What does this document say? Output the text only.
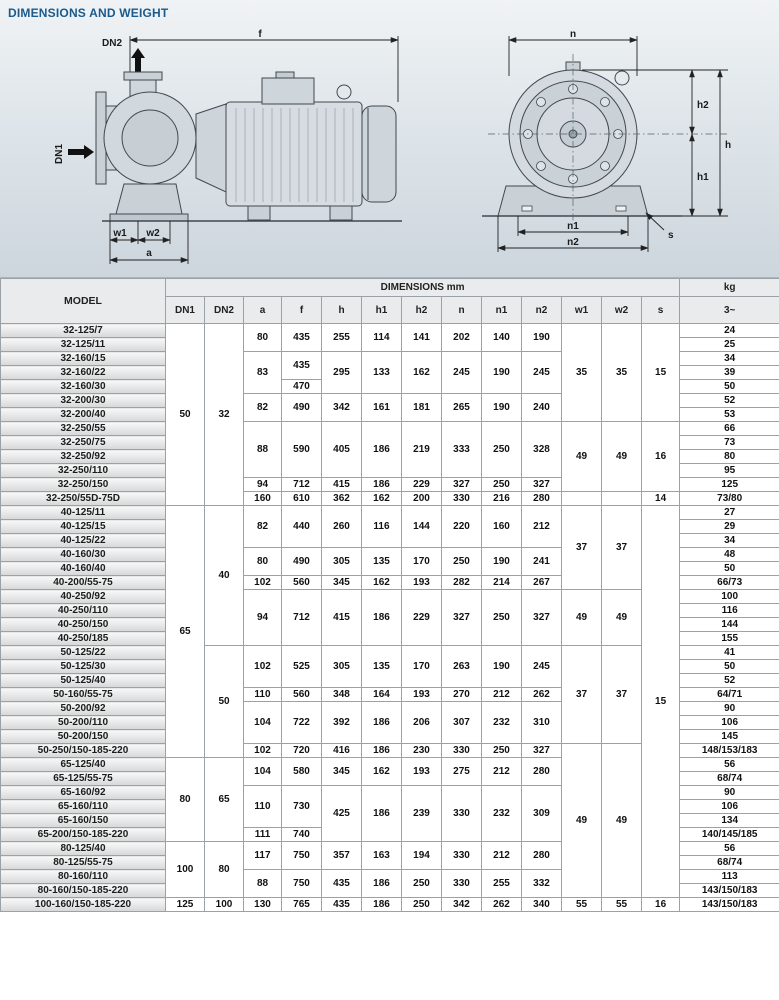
DIMENSIONS AND WEIGHT
f
DN2
DN1
w1 w2
a
n
h2
h
h1
n1
n2
s
MODEL	DIMENSIONS mm													kg
	DN1	DN2	a	f	h	h1	h2	n	n1	n2	w1	w2	s	3~
32-125/7	50	32	80	435	255	114	141	202	140	190	35	35	15	24
32-125/11														25
32-160/15			83	435	295	133	162	245	190	245				34
32-160/22														39
32-160/30				470										50
32-200/30			82	490	342	161	181	265	190	240				52
32-200/40														53
32-250/55			88	590	405	186	219	333	250	328	49	49	16	66
32-250/75														73
32-250/92														80
32-250/110														95
32-250/150			94	712	415	186	229	327	250	327				125
32-250/55D-75D			160	610	362	162	200	330	216	280			14	73/80
40-125/11	65	40	82	440	260	116	144	220	160	212	37	37	15	27
40-125/15														29
40-125/22														34
40-160/30			80	490	305	135	170	250	190	241				48
40-160/40														50
40-200/55-75			102	560	345	162	193	282	214	267				66/73
40-250/92			94	712	415	186	229	327	250	327	49	49		100
40-250/110														116
40-250/150														144
40-250/185														155
50-125/22		50	102	525	305	135	170	263	190	245	37	37		41
50-125/30														50
50-125/40														52
50-160/55-75			110	560	348	164	193	270	212	262				64/71
50-200/92			104	722	392	186	206	307	232	310				90
50-200/110														106
50-200/150														145
50-250/150-185-220			102	720	416	186	230	330	250	327	49	49		148/153/183
65-125/40	80	65	104	580	345	162	193	275	212	280				56
65-125/55-75														68/74
65-160/92			110	730	425	186	239	330	232	309				90
65-160/110														106
65-160/150														134
65-200/150-185-220			111	740										140/145/185
80-125/40	100	80	117	750	357	163	194	330	212	280				56
80-125/55-75														68/74
80-160/110			88	750	435	186	250	330	255	332				113
80-160/150-185-220														143/150/183
100-160/150-185-220	125	100	130	765	435	186	250	342	262	340	55	55	16	143/150/183
